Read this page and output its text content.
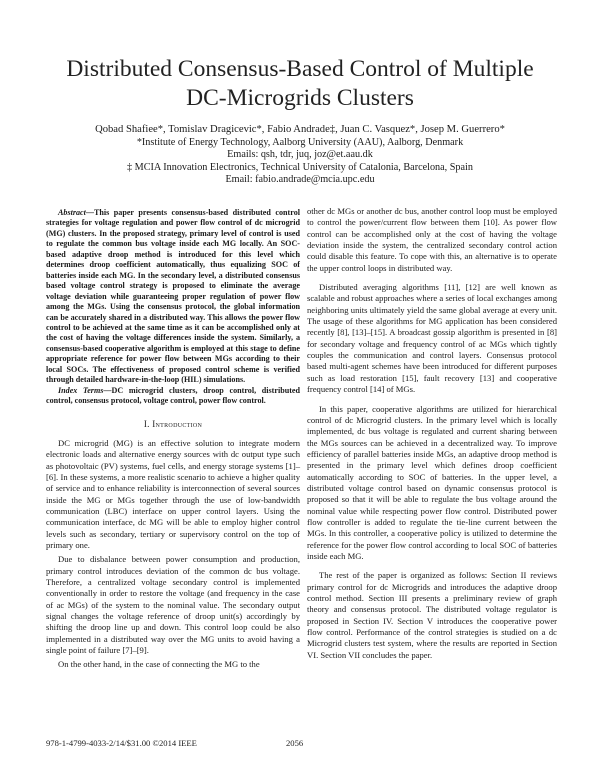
Distributed Consensus-Based Control of Multiple
DC-Microgrids Clusters
Qobad Shafiee*, Tomislav Dragicevic*, Fabio Andrade‡, Juan C. Vasquez*, Josep M. Guerrero*
*Institute of Energy Technology, Aalborg University (AAU), Aalborg, Denmark
Emails: qsh, tdr, juq, joz@et.aau.dk
‡ MCIA Innovation Electronics, Technical University of Catalonia, Barcelona, Spain
Email: fabio.andrade@mcia.upc.edu

Abstract—This paper presents consensus-based distributed control strategies for voltage regulation and power flow control of dc microgrid (MG) clusters. In the proposed strategy, primary level of control is used to regulate the common bus voltage inside each MG locally. An SOC-based adaptive droop method is introduced for this level which determines droop coefficient automatically, thus equalizing SOC of batteries inside each MG. In the secondary level, a distributed consensus based voltage control strategy is proposed to eliminate the average voltage deviation while guaranteeing proper regulation of power flow among the MGs. Using the consensus protocol, the global information can be accurately shared in a distributed way. This allows the power flow control to be achieved at the same time as it can be accomplished only at the cost of having the voltage differences inside the system. Similarly, a consensus-based cooperative algorithm is employed at this stage to define appropriate reference for power flow between MGs according to their local SOCs. The effectiveness of proposed control scheme is verified through detailed hardware-in-the-loop (HIL) simulations.

Index Terms—DC microgrid clusters, droop control, distributed control, consensus protocol, voltage control, power flow control.

I. Introduction

DC microgrid (MG) is an effective solution to integrate modern electronic loads and alternative energy sources with dc output type such as photovoltaic (PV) systems, fuel cells, and energy storage systems [1]–[6]. In these systems, a more realistic scenario to achieve a higher quality of service and to enhance reliability is interconnection of several sources inside the MG or MGs together through the use of low-bandwidth communication (LBC) interface on upper control layers. Using the communication interface, dc MG will be able to employ higher control levels such as secondary, tertiary or supervisory control on the top of primary one.

Due to disbalance between power consumption and production, primary control introduces deviation of the common dc bus voltage. Therefore, a centralized voltage secondary control is implemented conventionally in order to restore the voltage (and frequency in the case of ac MGs) of the system to the nominal value. The secondary output signal changes the voltage reference of droop unit(s) accordingly by shifting the droop line up and down. This control loop could be also implemented in a distributed way over the MG units to avoid having a single point of failure [7]–[9].

On the other hand, in the case of connecting the MG to the

other dc MGs or another dc bus, another control loop must be employed to control the power/current flow between them [10]. As power flow control can be accomplished only at the cost of having the voltage deviation inside the system, the centralized secondary control action could disable this feature. To cope with this, an alternative is to operate the upper control loops in distributed way.

Distributed averaging algorithms [11], [12] are well known as scalable and robust approaches where a series of local exchanges among neighboring units ultimately yield the same global average at every unit. The usage of these algorithms for MG application has been considered recently [8], [13]–[15]. A broadcast gossip algorithm is presented in [8] for secondary voltage and frequency control of ac MGs which tightly couples the communication and control layers. Consensus protocol based multi-agent schemes have been introduced for different purposes such as load restoration [15], fault recovery [13] and cooperative frequency control [14] of MGs.

In this paper, cooperative algorithms are utilized for hierarchical control of dc Microgrid clusters. In the primary level which is locally implemented, dc bus voltage is regulated and current sharing between the MGs sources can be achieved in a decentralized way. To improve efficiency of parallel batteries inside MGs, an adaptive droop method is presented in the primary level which defines droop coefficient automatically according to SOC of batteries. In the upper level, a distributed voltage control based on dynamic consensus protocol is proposed so that it will be able to regulate the bus voltage around the nominal value while respecting power flow control. Distributed power flow controller is added to regulate the tie-line current between the MGs. In this controller, a cooperative policy is utilized to determine the reference for the power flow control according to local SOC of batteries inside each MG.

The rest of the paper is organized as follows: Section II reviews primary control for dc Microgrids and introduces the adaptive droop control method. Section III presents a preliminary review of graph theory and consensus protocol. The distributed voltage regulator is proposed in Section IV. Section V introduces the cooperative power flow control. Performance of the control strategies is studied on a dc Microgrid clusters test system, where the results are reported in Section VI. Section VII concludes the paper.

978-1-4799-4033-2/14/$31.00 ©2014 IEEE	2056
